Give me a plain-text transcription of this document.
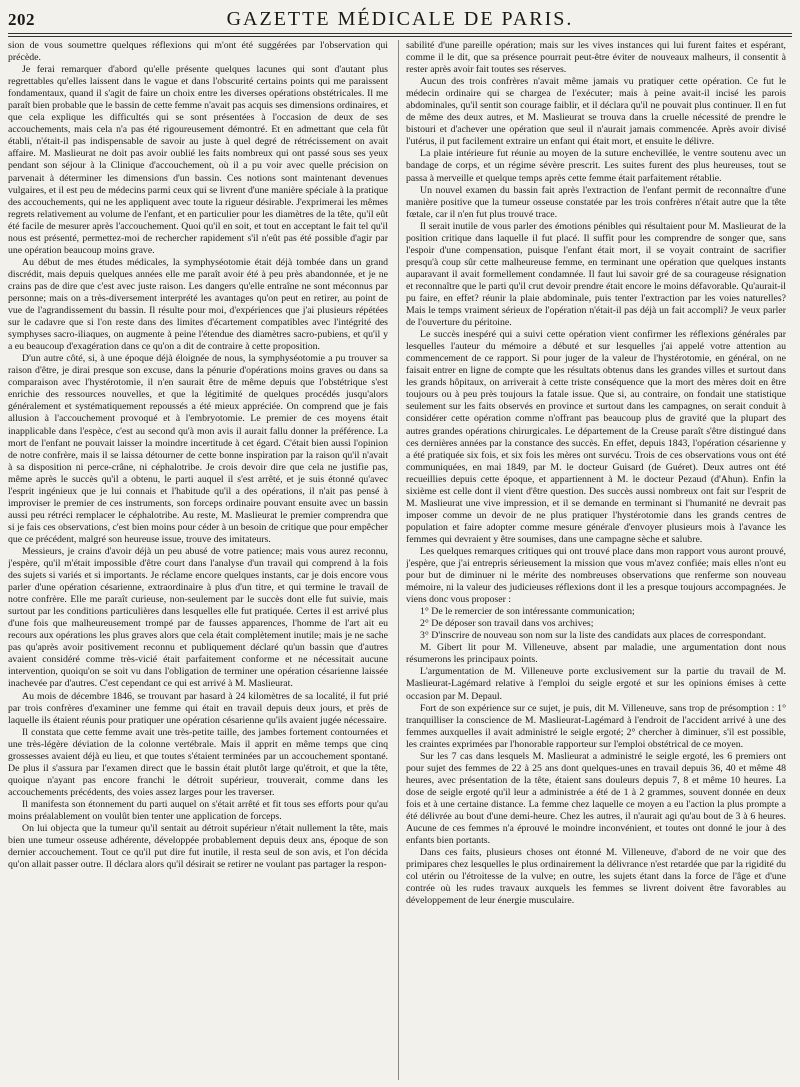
202	GAZETTE MÉDICALE DE PARIS.

sion de vous soumettre quelques réflexions qui m'ont été suggérées par l'observation qui précède.

Je ferai remarquer d'abord qu'elle présente quelques lacunes qui sont d'autant plus regrettables qu'elles laissent dans le vague et dans l'obscurité certains points qui me paraissent fondamentaux, quand il s'agit de faire un choix entre les diverses opérations obstétricales. Il me paraît bien probable que le bassin de cette femme n'avait pas acquis ses dimensions ordinaires, et que cela explique les difficultés qui se sont présentées à l'occasion de deux de ses accouchements, mais cela n'a pas été rigoureusement démontré. Et en admettant que cela fût établi, n'était-il pas indispensable de savoir au juste à quel degré de rétrécissement on avait affaire. M. Maslieurat ne doit pas avoir oublié les faits nombreux qui ont passé sous ses yeux pendant son séjour à la Clinique d'accouchement, où il a pu voir avec quelle précision on parvenait à déterminer les dimensions d'un bassin. Ces notions sont maintenant devenues vulgaires, et il est peu de médecins parmi ceux qui se livrent d'une manière spéciale à la pratique des accouchements, qui ne les appliquent avec toute la rigueur désirable. J'exprimerai les mêmes regrets relativement au volume de l'enfant, et en particulier pour les diamètres de la tête, qu'il eût été facile de mesurer après l'accouchement. Quoi qu'il en soit, et tout en acceptant le fait tel qu'il nous est présenté, permettez-moi de rechercher rapidement s'il n'eût pas été possible d'agir par une opération beaucoup moins grave.

Au début de mes études médicales, la symphyséotomie était déjà tombée dans un grand discrédit, mais depuis quelques années elle me paraît avoir été à peu près abandonnée, et je ne crains pas de dire que c'est avec juste raison. Les dangers qu'elle entraîne ne sont méconnus par personne; mais on a très-diversement interprété les avantages qu'on peut en retirer, au point de vue de l'agrandissement du bassin. Il résulte pour moi, d'expériences que j'ai plusieurs répétées sur le cadavre que si l'on reste dans des limites d'écartement compatibles avec l'intégrité des symphyses sacro-iliaques, on augmente à peine l'étendue des diamètres sacro-pubiens, et qu'il y a eu beaucoup d'exagération dans ce qu'on a dit de contraire à cette proposition.

D'un autre côté, si, à une époque déjà éloignée de nous, la symphyséotomie a pu trouver sa raison d'être, je dirai presque son excuse, dans la pénurie d'opérations moins graves ou dans sa comparaison avec l'hystérotomie, il n'en saurait être de même depuis que l'obstétrique s'est enrichie des ressources nouvelles, et que la légitimité de quelques procédés jusqu'alors généralement et systématiquement repoussés a été mieux appréciée. On comprend que je fais allusion à l'accouchement provoqué et à l'embryotomie. Le premier de ces moyens était inapplicable dans l'espèce, c'est au second qu'à mon avis il aurait fallu donner la préférence. La mort de l'enfant ne pouvait laisser la moindre incertitude à cet égard. C'était bien aussi l'opinion de notre confrère, mais il se laissa détourner de cette bonne inspiration par la raison qu'il n'avait à sa disposition ni perce-crâne, ni céphalotribe. Je crois devoir dire que cela ne justifie pas, même après le succès qu'il a obtenu, le parti auquel il s'est arrêté, et je suis étonné qu'avec l'esprit ingénieux que je lui connais et l'habitude qu'il a des opérations, il n'ait pas pensé à improviser le premier de ces instruments, son forceps ordinaire pouvant ensuite avec un bassin aussi peu rétréci remplacer le céphalotribe. Au reste, M. Maslieurat le premier comprendra que si je fais ces observations, c'est bien moins pour céder à un besoin de critique que pour empêcher que ce précédent, malgré son heureuse issue, trouve des imitateurs.

Messieurs, je crains d'avoir déjà un peu abusé de votre patience; mais vous aurez reconnu, j'espère, qu'il m'était impossible d'être court dans l'analyse d'un travail qui comprend à la fois des sujets si variés et si importants. Je réclame encore quelques instants, car je dois encore vous parler d'une opération césarienne, extraordinaire à plus d'un titre, et qui termine le travail de notre confrère. Elle me paraît curieuse, non-seulement par le succès dont elle fut suivie, mais surtout par les conditions particulières dans lesquelles elle fut pratiquée. Certes il est arrivé plus d'une fois que malheureusement trompé par de fausses apparences, l'homme de l'art ait eu recours aux opérations les plus graves alors que cela était complètement inutile; mais je ne sache pas qu'après avoir positivement reconnu et publiquement déclaré qu'un bassin que d'autres avaient considéré comme très-vicié était parfaitement conforme et ne nécessitait aucune intervention, quoiqu'on se soit vu dans l'obligation de terminer une opération césarienne laissée inachevée par d'autres. C'est cependant ce qui est arrivé à M. Maslieurat.

Au mois de décembre 1846, se trouvant par hasard à 24 kilomètres de sa localité, il fut prié par trois confrères d'examiner une femme qui était en travail depuis deux jours, et près de laquelle ils étaient réunis pour pratiquer une opération césarienne qu'ils avaient jugée nécessaire.

Il constata que cette femme avait une très-petite taille, des jambes fortement contournées et une très-légère déviation de la colonne vertébrale. Mais il apprit en même temps que cinq grossesses avaient déjà eu lieu, et que toutes s'étaient terminées par un accouchement spontané. De plus il s'assura par l'examen direct que le bassin était plutôt large qu'étroit, et que la tête, quoique n'ayant pas encore franchi le détroit supérieur, trouverait, comme dans les accouchements précédents, des voies assez larges pour les traverser.

Il manifesta son étonnement du parti auquel on s'était arrêté et fit tous ses efforts pour qu'au moins préalablement on voulût bien tenter une application de forceps.

On lui objecta que la tumeur qu'il sentait au détroit supérieur n'était nullement la tête, mais bien une tumeur osseuse adhérente, développée probablement depuis deux ans, époque de son dernier accouchement. Tout ce qu'il put dire fut inutile, il resta seul de son avis, et l'on décida qu'on allait passer outre. Il déclara alors qu'il désirait se retirer ne voulant pas partager la respon-

sabilité d'une pareille opération; mais sur les vives instances qui lui furent faites et espérant, comme il le dit, que sa présence pourrait peut-être éviter de nouveaux malheurs, il consentit à rester après avoir fait toutes ses réserves.

Aucun des trois confrères n'avait même jamais vu pratiquer cette opération. Ce fut le médecin ordinaire qui se chargea de l'exécuter; mais à peine avait-il incisé les parois abdominales, qu'il sentit son courage faiblir, et il déclara qu'il ne pouvait plus continuer. Il en fut de même des deux autres, et M. Maslieurat se trouva dans la cruelle nécessité de prendre le bistouri et d'achever une opération que seul il n'aurait jamais commencée. Après avoir divisé l'utérus, il put facilement extraire un enfant qui était mort, et ensuite le délivre.

La plaie intérieure fut réunie au moyen de la suture enchevillée, le ventre soutenu avec un bandage de corps, et un régime sévère prescrit. Les suites furent des plus heureuses, tout se passa à merveille et quelque temps après cette femme était parfaitement rétablie.

Un nouvel examen du bassin fait après l'extraction de l'enfant permit de reconnaître d'une manière positive que la tumeur osseuse constatée par les trois confrères n'était autre que la tête fœtale, car il n'en fut plus trouvé trace.

Il serait inutile de vous parler des émotions pénibles qui résultaient pour M. Maslieurat de la position critique dans laquelle il fut placé. Il suffit pour les comprendre de songer que, sans l'espoir d'une compensation, puisque l'enfant était mort, il se voyait contraint de sacrifier presqu'à coup sûr cette malheureuse femme, en terminant une opération que quelques instants auparavant il avait formellement condamnée. Il faut lui savoir gré de sa courageuse résignation et reconnaître que le parti qu'il crut devoir prendre était encore le moins défavorable. Qu'aurait-il pu faire, en effet? réunir la plaie abdominale, puis tenter l'extraction par les voies naturelles? Mais le temps vraiment sérieux de l'opération n'était-il pas déjà un fait accompli? Je veux parler de l'ouverture du péritoine.

Le succès inespéré qui a suivi cette opération vient confirmer les réflexions générales par lesquelles l'auteur du mémoire a débuté et sur lesquelles j'ai appelé votre attention au commencement de ce rapport. Si pour juger de la valeur de l'hystérotomie, en général, on ne faisait entrer en ligne de compte que les résultats obtenus dans les grandes villes et surtout dans les grands hôpitaux, on arriverait à cette triste conséquence que la mort des mères doit en être toujours ou à peu près toujours la fatale issue. Que si, au contraire, on fondait une statistique seulement sur les faits observés en province et surtout dans les campagnes, on serait conduit à considérer cette opération comme n'offrant pas beaucoup plus de gravité que la plupart des autres grandes opérations chirurgicales. Le département de la Creuse paraît s'être distingué dans ces dernières années par la constance des succès. En effet, depuis 1843, l'opération césarienne y a été pratiquée six fois, et six fois les mères ont survécu. Trois de ces observations vous ont été communiquées, en mai 1849, par M. le docteur Guisard (de Guéret). Deux autres ont été recueillies depuis cette époque, et appartiennent à M. le docteur Pezaud (d'Ahun). Enfin la sixième est celle dont il vient d'être question. Des succès aussi nombreux ont fait sur l'esprit de M. Maslieurat une vive impression, et il se demande en terminant si l'humanité ne devrait pas imposer comme un devoir de ne plus pratiquer l'hystérotomie dans les grands centres de population et faire adopter comme mesure générale d'envoyer plusieurs mois à l'avance les femmes qui devraient y être soumises, dans une campagne sèche et salubre.

Les quelques remarques critiques qui ont trouvé place dans mon rapport vous auront prouvé, j'espère, que j'ai entrepris sérieusement la mission que vous m'avez confiée; mais elles n'ont eu pour but de diminuer ni le mérite des nombreuses observations que renferme son nouveau mémoire, ni la valeur des judicieuses réflexions dont il les a presque toujours accompagnées. Je viens donc vous proposer :

1° De le remercier de son intéressante communication;

2° De déposer son travail dans vos archives;

3° D'inscrire de nouveau son nom sur la liste des candidats aux places de correspondant.

M. Gibert lit pour M. Villeneuve, absent par maladie, une argumentation dont nous résumerons les principaux points.

L'argumentation de M. Villeneuve porte exclusivement sur la partie du travail de M. Maslieurat-Lagémard relative à l'emploi du seigle ergoté et sur les opinions émises à cette occasion par M. Depaul.

Fort de son expérience sur ce sujet, je puis, dit M. Villeneuve, sans trop de présomption : 1° tranquilliser la conscience de M. Maslieurat-Lagémard à l'endroit de l'accident arrivé à une des femmes auxquelles il avait administré le seigle ergoté; 2° chercher à diminuer, s'il est possible, les craintes exprimées par l'honorable rapporteur sur l'emploi obstétrical de ce moyen.

Sur les 7 cas dans lesquels M. Maslieurat a administré le seigle ergoté, les 6 premiers ont pour sujet des femmes de 22 à 25 ans dont quelques-unes en travail depuis 36, 40 et même 48 heures, avec présentation de la tête, étaient sans douleurs depuis 7, 8 et même 10 heures. La dose de seigle ergoté qu'il leur a administrée a été de 1 à 2 grammes, souvent donnée en deux fois et à une certaine distance. La femme chez laquelle ce moyen a eu l'action la plus prompte a été délivrée au bout d'une demi-heure. Chez les autres, il n'aurait agi qu'au bout de 3 à 6 heures. Aucune de ces femmes n'a éprouvé le moindre inconvénient, et toutes ont donné le jour à des enfants bien portants.

Dans ces faits, plusieurs choses ont étonné M. Villeneuve, d'abord de ne voir que des primipares chez lesquelles le plus ordinairement la délivrance n'est retardée que par la rigidité du col utérin ou l'étroitesse de la vulve; en outre, les sujets étant dans la force de l'âge et d'une contrée où les rudes travaux auxquels les femmes se livrent doivent être favorables au développement de leur énergie musculaire.
